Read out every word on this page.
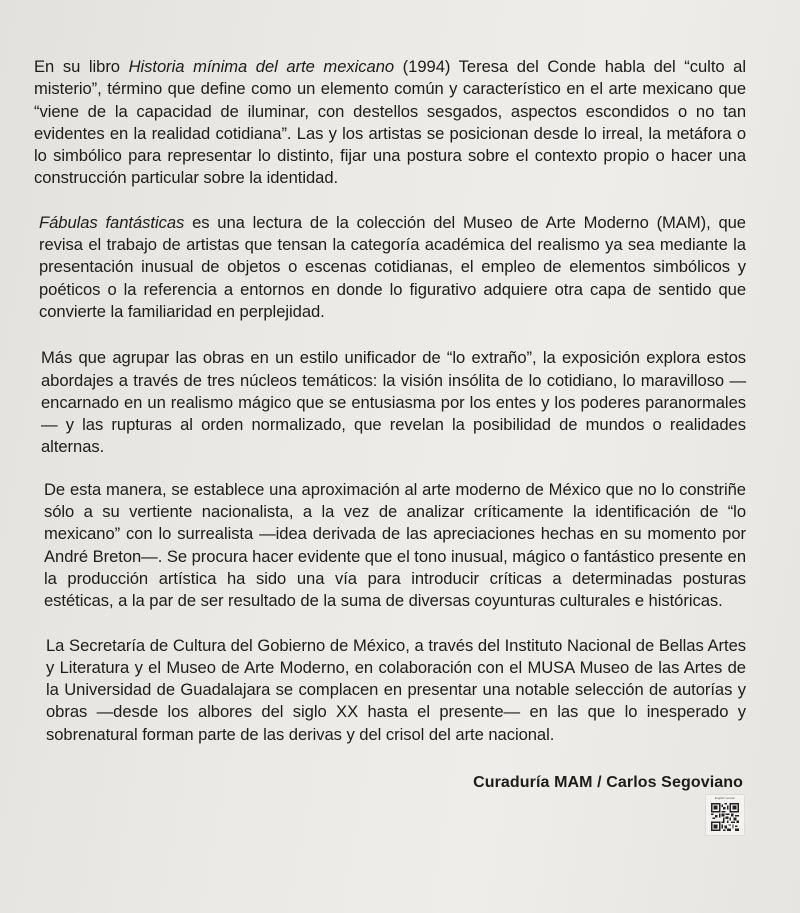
En su libro Historia mínima del arte mexicano (1994) Teresa del Conde habla del “culto al misterio”, término que define como un elemento común y característico en el arte mexicano que “viene de la capacidad de iluminar, con destellos sesgados, aspectos escondidos o no tan evidentes en la realidad cotidiana”. Las y los artistas se posicionan desde lo irreal, la metáfora o lo simbólico para representar lo distinto, fijar una postura sobre el contexto propio o hacer una construcción particular sobre la identidad.

Fábulas fantásticas es una lectura de la colección del Museo de Arte Moderno (MAM), que revisa el trabajo de artistas que tensan la categoría académica del realismo ya sea mediante la presentación inusual de objetos o escenas cotidianas, el empleo de elementos simbólicos y poéticos o la referencia a entornos en donde lo figurativo adquiere otra capa de sentido que convierte la familiaridad en perplejidad.

Más que agrupar las obras en un estilo unificador de “lo extraño”, la exposición explora estos abordajes a través de tres núcleos temáticos: la visión insólita de lo cotidiano, lo maravilloso —encarnado en un realismo mágico que se entusiasma por los entes y los poderes paranormales— y las rupturas al orden normalizado, que revelan la posibilidad de mundos o realidades alternas.

De esta manera, se establece una aproximación al arte moderno de México que no lo constriñe sólo a su vertiente nacionalista, a la vez de analizar críticamente la identificación de “lo mexicano” con lo surrealista —idea derivada de las apreciaciones hechas en su momento por André Breton—. Se procura hacer evidente que el tono inusual, mágico o fantástico presente en la producción artística ha sido una vía para introducir críticas a determinadas posturas estéticas, a la par de ser resultado de la suma de diversas coyunturas culturales e históricas.

La Secretaría de Cultura del Gobierno de México, a través del Instituto Nacional de Bellas Artes y Literatura y el Museo de Arte Moderno, en colaboración con el MUSA Museo de las Artes de la Universidad de Guadalajara se complacen en presentar una notable selección de autorías y obras —desde los albores del siglo XX hasta el presente— en las que lo inesperado y sobrenatural forman parte de las derivas y del crisol del arte nacional.

Curaduría MAM / Carlos Segoviano
English version
